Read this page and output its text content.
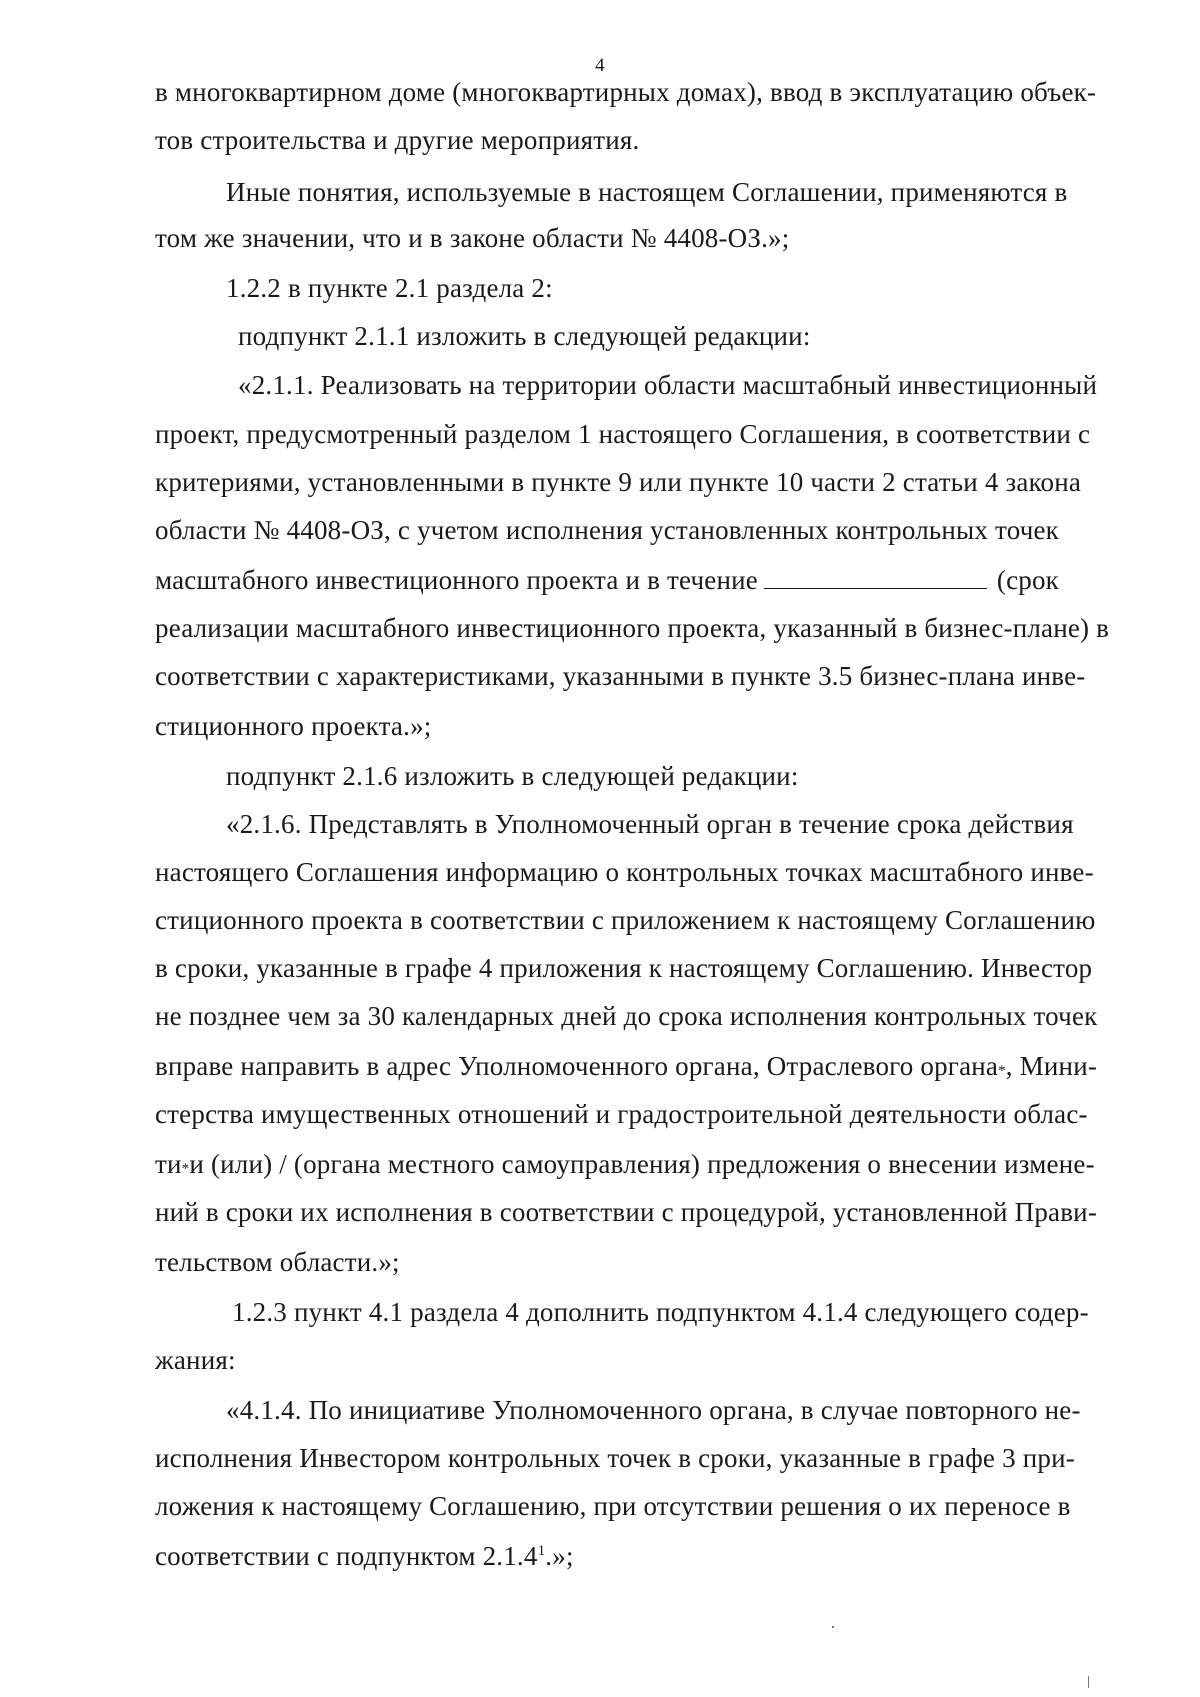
4
в многоквартирном доме (многоквартирных домах), ввод в эксплуатацию объек-
тов строительства и другие мероприятия.
Иные понятия, используемые в настоящем Соглашении, применяются в
том же значении, что и в законе области № 4408-ОЗ.»;
1.2.2 в пункте 2.1 раздела 2:
подпункт 2.1.1 изложить в следующей редакции:
«2.1.1. Реализовать на территории области масштабный инвестиционный
проект, предусмотренный разделом 1 настоящего Соглашения, в соответствии с
критериями, установленными в пункте 9 или пункте 10 части 2 статьи 4 закона
области № 4408-ОЗ, с учетом исполнения установленных контрольных точек
масштабного инвестиционного проекта и в течение	(срок
реализации масштабного инвестиционного проекта, указанный в бизнес-плане) в
соответствии с характеристиками, указанными в пункте 3.5 бизнес-плана инве-
стиционного проекта.»;
подпункт 2.1.6 изложить в следующей редакции:
«2.1.6. Представлять в Уполномоченный орган в течение срока действия
настоящего Соглашения информацию о контрольных точках масштабного инве-
стиционного проекта в соответствии с приложением к настоящему Соглашению
в сроки, указанные в графе 4 приложения к настоящему Соглашению. Инвестор
не позднее чем за 30 календарных дней до срока исполнения контрольных точек
вправе направить в адрес Уполномоченного органа, Отраслевого органа * , Мини-
стерства имущественных отношений и градостроительной деятельности облас-
ти * и (или) / (органа местного самоуправления) предложения о внесении измене-
ний в сроки их исполнения в соответствии с процедурой, установленной Прави-
тельством области.»;
1.2.3 пункт 4.1 раздела 4 дополнить подпунктом 4.1.4 следующего содер-
жания:
«4.1.4. По инициативе Уполномоченного органа, в случае повторного не-
исполнения Инвестором контрольных точек в сроки, указанные в графе 3 при-
ложения к настоящему Соглашению, при отсутствии решения о их переносе в
соответствии с подпунктом 2.1.4$^1$.»;
